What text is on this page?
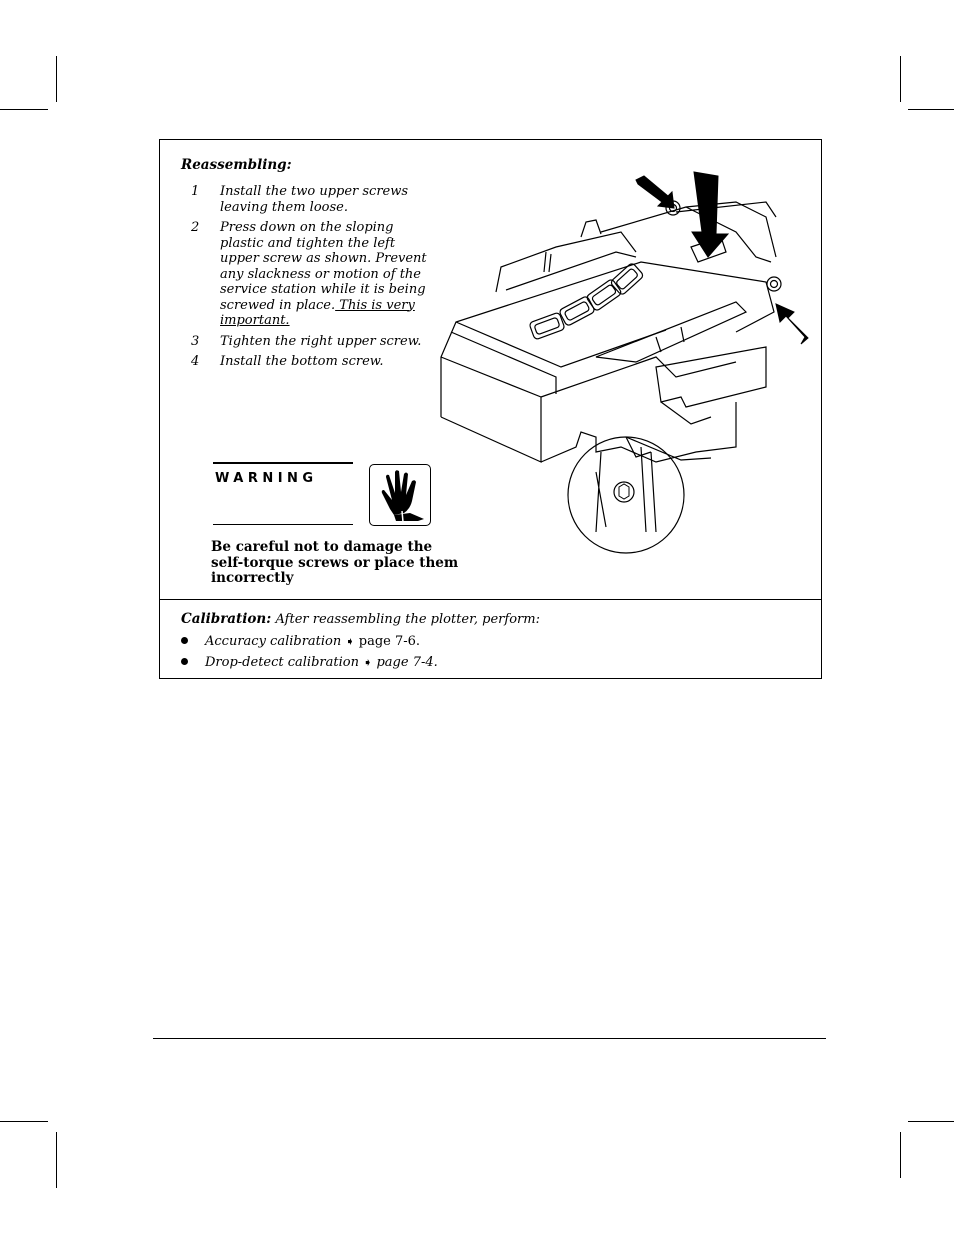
Reassembling:
1 Install the two upper screws leaving them loose.
2 Press down on the sloping plastic and tighten the left upper screw as shown. Prevent any slackness or motion of the service station while it is being screwed in place. This is very important.
3 Tighten the right upper screw.
4 Install the bottom screw.
WARNING
Be careful not to damage the self-torque screws or place them incorrectly
Calibration: After reassembling the plotter, perform:
Accuracy calibration ➧ page 7-6.
Drop-detect calibration ➧ page 7-4.
